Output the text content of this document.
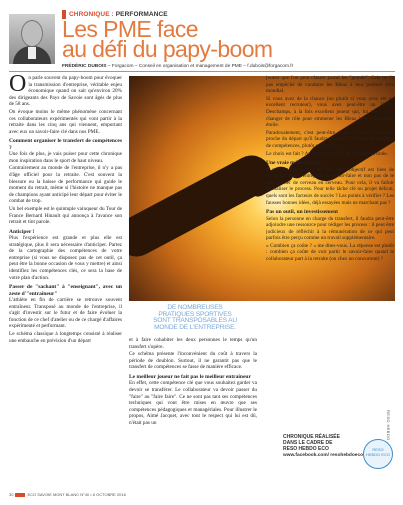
CHRONIQUE : PERFORMANCE
Les PME face
au défi du papy-boom
FRÉDÉRIC DUBOIS – Forgacom – Conseil en organisation et management de PME – f.dubois@forgacom.fr

On parle souvent du papy-boom pour évoquer la transmission d'entreprise, véritable enjeu économique quand on sait qu'environ 20% des dirigeants des Pays de Savoie sont âgés de plus de 58 ans.

On évoque moins le même phénomène concernant ces collaborateurs expérimentés qui vont partir à la retraite dans les cinq ans qui viennent, emportant avec eux un savoir-faire clé dans nos PME.

Comment organiser le transfert de compétences ?

Une fois de plus, je vais puiser pour cette chronique mon inspiration dans le sport de haut niveau.

Contrairement au monde de l'entreprise, il n'y a pas d'âge officiel pour la retraite. C'est souvent la blessure ou la baisse de performance qui guide le moment du retrait, même si l'histoire ne manque pas de champions ayant anticipé leur départ pour éviter le combat de trop.

Un bel exemple est le quintuple vainqueur du Tour de France Bernard Hinault qui annonça à l'avance son retrait et tint parole.

Anticiper !

Plus l'expérience est grande et plus elle est stratégique, plus il sera nécessaire d'anticiper. Partez de la cartographie des compétences de votre entreprise (si vous ne disposez pas de cet outil, ça peut être la bonne occasion de vous y mettre) et ainsi identifiez les compétences clés, ce sera la base de votre plan d'action.

Passer de "sachant" à "enseignant", avec un zeste d'"entraîneur"

L'athlète en fin de carrière se retrouve souvent entraîneur. Transposé au monde de l'entreprise, il s'agit d'investir sur le futur et de faire évoluer la fonction de ce chef d'atelier ou de ce chargé d'affaires expérimenté et performant.

Le schéma classique à longtemps consisté à réaliser une embauche en prévision d'un départ

DE NOMBREUSES PRATIQUES SPORTIVES SONT TRANSPOSABLES AU MONDE DE L'ENTREPRISE.

et à faire cohabiter les deux personnes le temps qu'un transfert s'opère.

Ce schéma présente l'inconvénient du coût à travers la période de doublon. Surtout, il ne garantit pas que le transfert de compétences se fasse de manière efficace.

Le meilleur joueur ne fait pas le meilleur entraîneur

En effet, cette compétence clé que vous souhaitez garder va devoir se transférer. Le collaborateur va devoir passer du "faire" au "faire faire". Ce ne sont pas tant ses compétences techniques qui vont être mises en œuvre que ses compétences pédagogiques et managériales. Pour illustrer le propos, Aimé Jacquet, avec tout le respect qui lui est dû, n'était pas un

joueur que l'on peut classer parmi les "grands". Cela ne l'a pas empêché de conduire les Bleus à leur premier titre mondial.

Si vous avez de la chance (ou plutôt si vous avez été un excellent recruteur), vous avez peut-être un Didier Deschamps, à la fois excellent joueur qui, lui aussi, a su changer de rôle pour emmener les Bleus à leur deuxième étoile.

Paradoxalement, c'est peut-être à un n°2 pas forcément proche du départ qu'il faudra confier le pilotage du transfert de compétences, plutôt qu'au n°1.

Le choix est fait ? Attention à l'écueil de la tradition orale.

Une vraie méthodologie

Il ne faut pas perdre de vue que l'objectif est bien de conserver dans l'entreprise le savoir-faire et non pas de le faire passer de cerveau en cerveau. Pour cela, il va falloir formaliser le process. Pour telle tâche clé ou projet délicat, quels sont les facteurs de succès ? Les points à vérifier ? Les fausses bonnes idées, déjà essayées mais ne marchant pas ?

Pas un outil, un investissement

Selon la personne en charge du transfert, il faudra peut-être adjoindre une ressource pour rédiger les process : il peut être judicieux de réfléchir à la rémunération de ce qui peut parfois être perçu comme un travail supplémentaire.

« Combien ça coûte ? » me dites-vous. La réponse est plutôt : combien ça coûte de voir partir le savoir-faire quand le collaborateur part à la retraite (ou chez un concurrent) ?

CHRONIQUE RÉALISÉE DANS LE CADRE DE RESO HEBDO ECO
www.facebook.com/ resohebdoeco
RESO
HEBDO ECO
RESO HEBDO
30	ECO SAVOIE MONT BLANC N°40 • 6 OCTOBRE 2016
